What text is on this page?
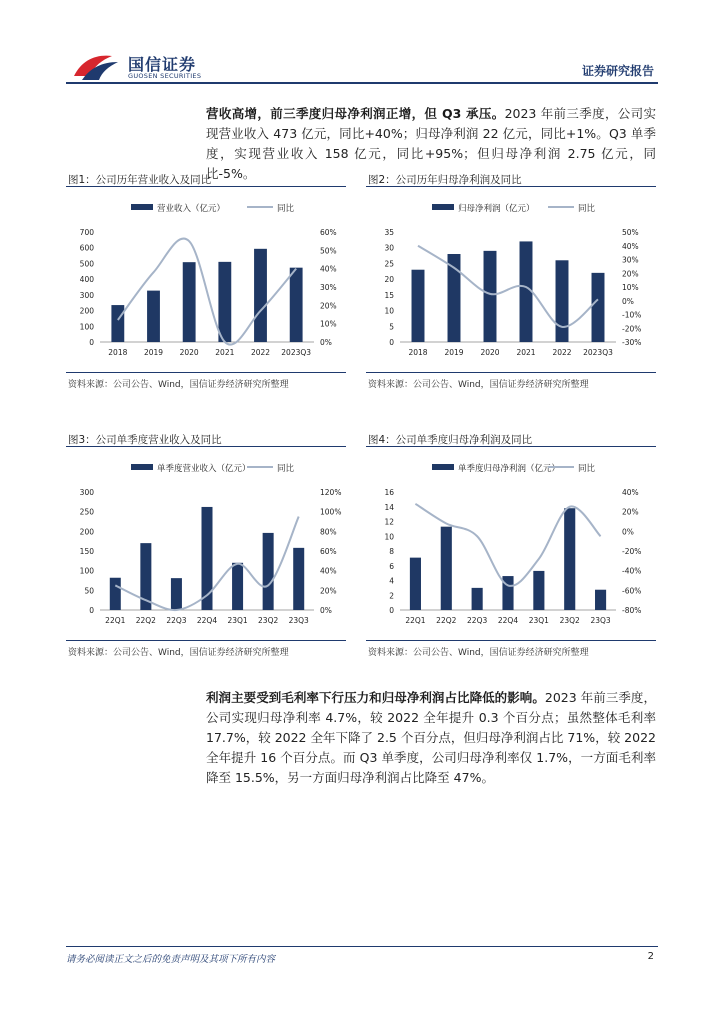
国信证券
GUOSEN SECURITIES	证券研究报告
营收高增，前三季度归母净利润正增，但 Q3 承压。2023 年前三季度，公司实现营业收入 473 亿元，同比+40%；归母净利润 22 亿元，同比+1%。Q3 单季度，实现营业收入 158 亿元，同比+95%；但归母净利润 2.75 亿元，同比-5%。
图1：公司历年营业收入及同比
营业收入（亿元）	同比
0
100
200
300
400
500
600
700
0%
10%
20%
30%
40%
50%
60%
2018 2019 2020 2021 2022 2023Q3
资料来源：公司公告、Wind，国信证券经济研究所整理
图2：公司历年归母净利润及同比
归母净利润（亿元）	同比
0
5
10
15
20
25
30
35
-30%
-20%
-10%
0%
10%
20%
30%
40%
50%
2018 2019 2020 2021 2022 2023Q3
资料来源：公司公告、Wind，国信证券经济研究所整理
图3：公司单季度营业收入及同比
单季度营业收入（亿元）	同比
0
50
100
150
200
250
300
0%
20%
40%
60%
80%
100%
120%
22Q1 22Q2 22Q3 22Q4 23Q1 23Q2 23Q3
资料来源：公司公告、Wind，国信证券经济研究所整理
图4：公司单季度归母净利润及同比
单季度归母净利润（亿元） 同比
0
2
4
6
8
10
12
14
16
-80%
-60%
-40%
-20%
0%
20%
40%
22Q1 22Q2 22Q3 22Q4 23Q1 23Q2 23Q3
资料来源：公司公告、Wind，国信证券经济研究所整理
利润主要受到毛利率下行压力和归母净利润占比降低的影响。2023 年前三季度，公司实现归母净利率 4.7%，较 2022 全年提升 0.3 个百分点；虽然整体毛利率 17.7%，较 2022 全年下降了 2.5 个百分点，但归母净利润占比 71%，较 2022 全年提升 16 个百分点。而 Q3 单季度，公司归母净利率仅 1.7%，一方面毛利率降至 15.5%，另一方面归母净利润占比降至 47%。
请务必阅读正文之后的免责声明及其项下所有内容	2
